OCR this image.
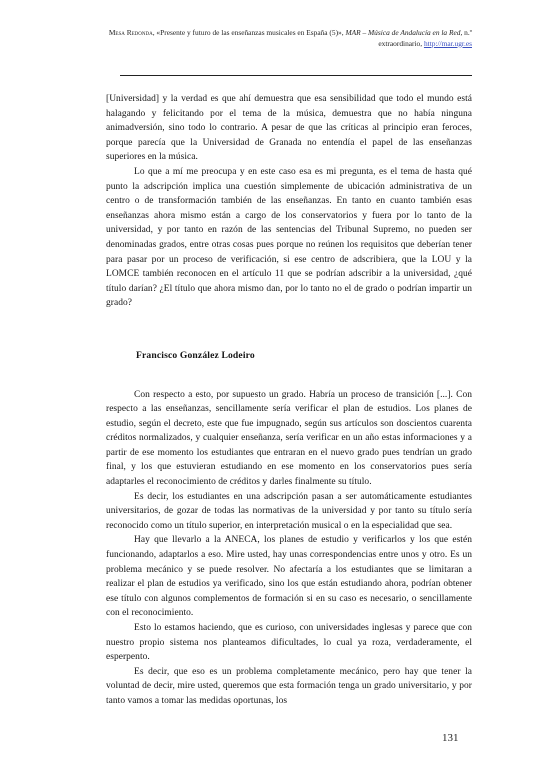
Mesa Redonda, «Presente y futuro de las enseñanzas musicales en España (5)», MAR – Música de Andalucía en la Red, n.º extraordinario, http://mar.ugr.es

[Universidad] y la verdad es que ahí demuestra que esa sensibilidad que todo el mundo está halagando y felicitando por el tema de la música, demuestra que no había ninguna animadversión, sino todo lo contrario. A pesar de que las críticas al principio eran feroces, porque parecía que la Universidad de Granada no entendía el papel de las enseñanzas superiores en la música.

Lo que a mí me preocupa y en este caso esa es mi pregunta, es el tema de hasta qué punto la adscripción implica una cuestión simplemente de ubicación administrativa de un centro o de transformación también de las enseñanzas. En tanto en cuanto también esas enseñanzas ahora mismo están a cargo de los conservatorios y fuera por lo tanto de la universidad, y por tanto en razón de las sentencias del Tribunal Supremo, no pueden ser denominadas grados, entre otras cosas pues porque no reúnen los requisitos que deberían tener para pasar por un proceso de verificación, si ese centro de adscribiera, que la LOU y la LOMCE también reconocen en el artículo 11 que se podrían adscribir a la universidad, ¿qué título darían? ¿El título que ahora mismo dan, por lo tanto no el de grado o podrían impartir un grado?

Francisco González Lodeiro

Con respecto a esto, por supuesto un grado. Habría un proceso de transición [...]. Con respecto a las enseñanzas, sencillamente sería verificar el plan de estudios. Los planes de estudio, según el decreto, este que fue impugnado, según sus artículos son doscientos cuarenta créditos normalizados, y cualquier enseñanza, sería verificar en un año estas informaciones y a partir de ese momento los estudiantes que entraran en el nuevo grado pues tendrían un grado final, y los que estuvieran estudiando en ese momento en los conservatorios pues sería adaptarles el reconocimiento de créditos y darles finalmente su título.

Es decir, los estudiantes en una adscripción pasan a ser automáticamente estudiantes universitarios, de gozar de todas las normativas de la universidad y por tanto su título sería reconocido como un título superior, en interpretación musical o en la especialidad que sea.

Hay que llevarlo a la ANECA, los planes de estudio y verificarlos y los que estén funcionando, adaptarlos a eso. Mire usted, hay unas correspondencias entre unos y otro. Es un problema mecánico y se puede resolver. No afectaría a los estudiantes que se limitaran a realizar el plan de estudios ya verificado, sino los que están estudiando ahora, podrían obtener ese título con algunos complementos de formación si en su caso es necesario, o sencillamente con el reconocimiento.

Esto lo estamos haciendo, que es curioso, con universidades inglesas y parece que con nuestro propio sistema nos planteamos dificultades, lo cual ya roza, verdaderamente, el esperpento.

Es decir, que eso es un problema completamente mecánico, pero hay que tener la voluntad de decir, mire usted, queremos que esta formación tenga un grado universitario, y por tanto vamos a tomar las medidas oportunas, los

131
